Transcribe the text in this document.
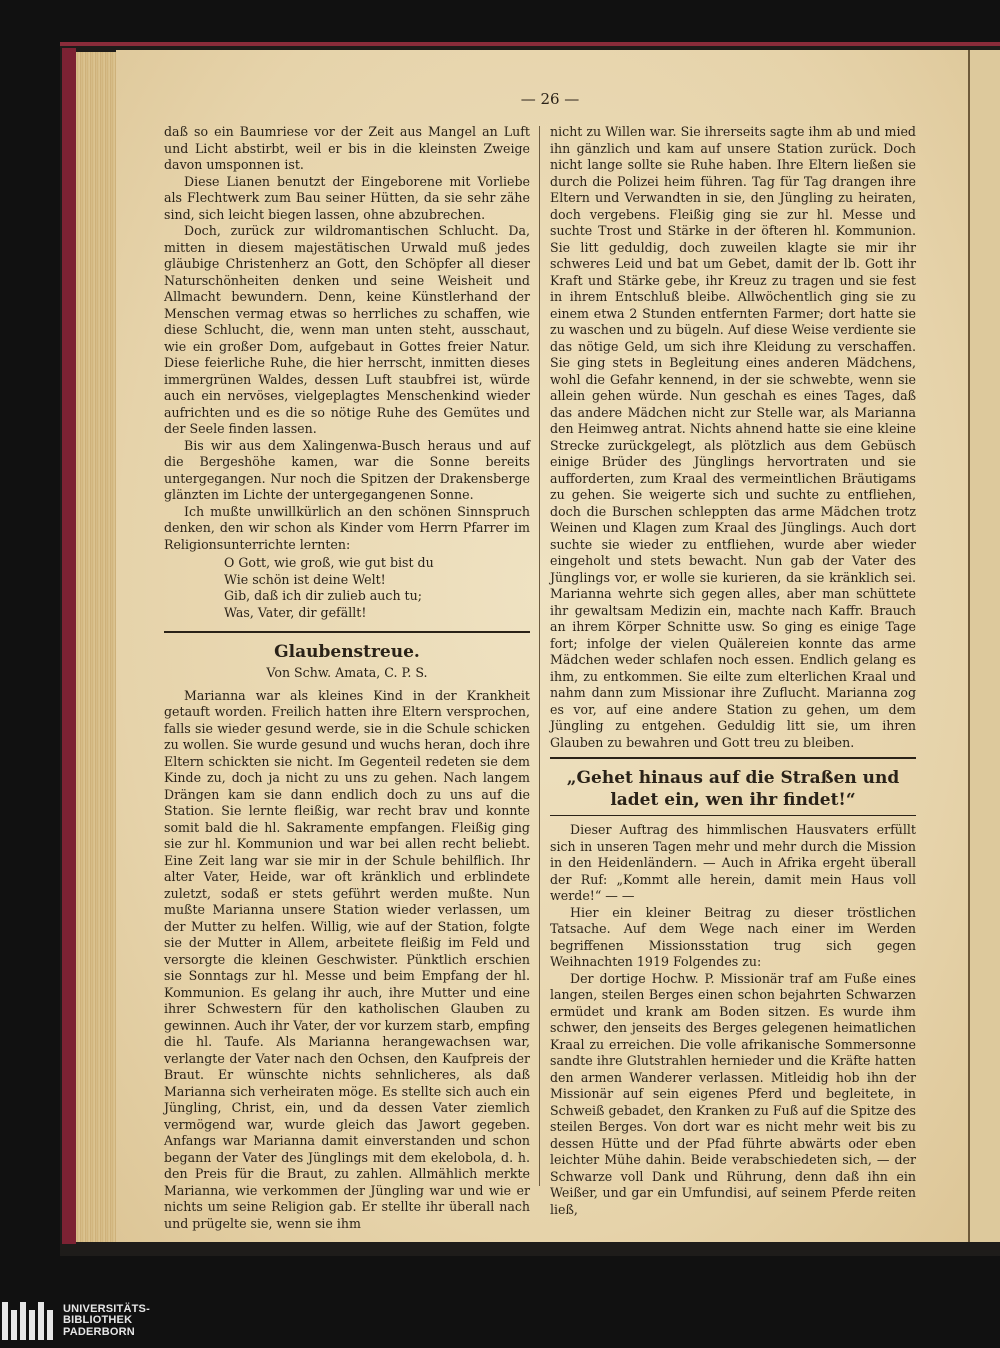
— 26 —

daß so ein Baumriese vor der Zeit aus Mangel an Luft und Licht abstirbt, weil er bis in die kleinsten Zweige davon umsponnen ist.

Diese Lianen benutzt der Eingeborene mit Vorliebe als Flechtwerk zum Bau seiner Hütten, da sie sehr zähe sind, sich leicht biegen lassen, ohne abzubrechen.

Doch, zurück zur wildromantischen Schlucht. Da, mitten in diesem majestätischen Urwald muß jedes gläubige Christenherz an Gott, den Schöpfer all dieser Naturschönheiten denken und seine Weisheit und Allmacht bewundern. Denn, keine Künstlerhand der Menschen vermag etwas so herrliches zu schaffen, wie diese Schlucht, die, wenn man unten steht, ausschaut, wie ein großer Dom, aufgebaut in Gottes freier Natur. Diese feierliche Ruhe, die hier herrscht, inmitten dieses immergrünen Waldes, dessen Luft staubfrei ist, würde auch ein nervöses, vielgeplagtes Menschenkind wieder aufrichten und es die so nötige Ruhe des Gemütes und der Seele finden lassen.

Bis wir aus dem Xalingenwa-Busch heraus und auf die Bergeshöhe kamen, war die Sonne bereits untergegangen. Nur noch die Spitzen der Drakensberge glänzten im Lichte der untergegangenen Sonne.

Ich mußte unwillkürlich an den schönen Sinnspruch denken, den wir schon als Kinder vom Herrn Pfarrer im Religionsunterrichte lernten:

O Gott, wie groß, wie gut bist du
Wie schön ist deine Welt!
Gib, daß ich dir zulieb auch tu;
Was, Vater, dir gefällt!
Glaubenstreue.
Von Schw. Amata, C. P. S.

Marianna war als kleines Kind in der Krankheit getauft worden. Freilich hatten ihre Eltern versprochen, falls sie wieder gesund werde, sie in die Schule schicken zu wollen. Sie wurde gesund und wuchs heran, doch ihre Eltern schickten sie nicht. Im Gegenteil redeten sie dem Kinde zu, doch ja nicht zu uns zu gehen. Nach langem Drängen kam sie dann endlich doch zu uns auf die Station. Sie lernte fleißig, war recht brav und konnte somit bald die hl. Sakramente empfangen. Fleißig ging sie zur hl. Kommunion und war bei allen recht beliebt. Eine Zeit lang war sie mir in der Schule behilflich. Ihr alter Vater, Heide, war oft kränklich und erblindete zuletzt, sodaß er stets geführt werden mußte. Nun mußte Marianna unsere Station wieder verlassen, um der Mutter zu helfen. Willig, wie auf der Station, folgte sie der Mutter in Allem, arbeitete fleißig im Feld und versorgte die kleinen Geschwister. Pünktlich erschien sie Sonntags zur hl. Messe und beim Empfang der hl. Kommunion. Es gelang ihr auch, ihre Mutter und eine ihrer Schwestern für den katholischen Glauben zu gewinnen. Auch ihr Vater, der vor kurzem starb, empfing die hl. Taufe. Als Marianna herangewachsen war, verlangte der Vater nach den Ochsen, den Kaufpreis der Braut. Er wünschte nichts sehnlicheres, als daß Marianna sich verheiraten möge. Es stellte sich auch ein Jüngling, Christ, ein, und da dessen Vater ziemlich vermögend war, wurde gleich das Jawort gegeben. Anfangs war Marianna damit einverstanden und schon begann der Vater des Jünglings mit dem ekelobola, d. h. den Preis für die Braut, zu zahlen. Allmählich merkte Marianna, wie verkommen der Jüngling war und wie er nichts um seine Religion gab. Er stellte ihr überall nach und prügelte sie, wenn sie ihm

nicht zu Willen war. Sie ihrerseits sagte ihm ab und mied ihn gänzlich und kam auf unsere Station zurück. Doch nicht lange sollte sie Ruhe haben. Ihre Eltern ließen sie durch die Polizei heim führen. Tag für Tag drangen ihre Eltern und Verwandten in sie, den Jüngling zu heiraten, doch vergebens. Fleißig ging sie zur hl. Messe und suchte Trost und Stärke in der öfteren hl. Kommunion. Sie litt geduldig, doch zuweilen klagte sie mir ihr schweres Leid und bat um Gebet, damit der lb. Gott ihr Kraft und Stärke gebe, ihr Kreuz zu tragen und sie fest in ihrem Entschluß bleibe. Allwöchentlich ging sie zu einem etwa 2 Stunden entfernten Farmer; dort hatte sie zu waschen und zu bügeln. Auf diese Weise verdiente sie das nötige Geld, um sich ihre Kleidung zu verschaffen. Sie ging stets in Begleitung eines anderen Mädchens, wohl die Gefahr kennend, in der sie schwebte, wenn sie allein gehen würde. Nun geschah es eines Tages, daß das andere Mädchen nicht zur Stelle war, als Marianna den Heimweg antrat. Nichts ahnend hatte sie eine kleine Strecke zurückgelegt, als plötzlich aus dem Gebüsch einige Brüder des Jünglings hervortraten und sie aufforderten, zum Kraal des vermeintlichen Bräutigams zu gehen. Sie weigerte sich und suchte zu entfliehen, doch die Burschen schleppten das arme Mädchen trotz Weinen und Klagen zum Kraal des Jünglings. Auch dort suchte sie wieder zu entfliehen, wurde aber wieder eingeholt und stets bewacht. Nun gab der Vater des Jünglings vor, er wolle sie kurieren, da sie kränklich sei. Marianna wehrte sich gegen alles, aber man schüttete ihr gewaltsam Medizin ein, machte nach Kaffr. Brauch an ihrem Körper Schnitte usw. So ging es einige Tage fort; infolge der vielen Quälereien konnte das arme Mädchen weder schlafen noch essen. Endlich gelang es ihm, zu entkommen. Sie eilte zum elterlichen Kraal und nahm dann zum Missionar ihre Zuflucht. Marianna zog es vor, auf eine andere Station zu gehen, um dem Jüngling zu entgehen. Geduldig litt sie, um ihren Glauben zu bewahren und Gott treu zu bleiben.

„Gehet hinaus auf die Straßen und ladet ein, wen ihr findet!“

Dieser Auftrag des himmlischen Hausvaters erfüllt sich in unseren Tagen mehr und mehr durch die Mission in den Heidenländern. — Auch in Afrika ergeht überall der Ruf: „Kommt alle herein, damit mein Haus voll werde!“ — —

Hier ein kleiner Beitrag zu dieser tröstlichen Tatsache. Auf dem Wege nach einer im Werden begriffenen Missionsstation trug sich gegen Weihnachten 1919 Folgendes zu:

Der dortige Hochw. P. Missionär traf am Fuße eines langen, steilen Berges einen schon bejahrten Schwarzen ermüdet und krank am Boden sitzen. Es wurde ihm schwer, den jenseits des Berges gelegenen heimatlichen Kraal zu erreichen. Die volle afrikanische Sommersonne sandte ihre Glutstrahlen hernieder und die Kräfte hatten den armen Wanderer verlassen. Mitleidig hob ihn der Missionär auf sein eigenes Pferd und begleitete, in Schweiß gebadet, den Kranken zu Fuß auf die Spitze des steilen Berges. Von dort war es nicht mehr weit bis zu dessen Hütte und der Pfad führte abwärts oder eben leichter Mühe dahin. Beide verabschiedeten sich, — der Schwarze voll Dank und Rührung, denn daß ihn ein Weißer, und gar ein Umfundisi, auf seinem Pferde reiten ließ,

UNIVERSITÄTS-
BIBLIOTHEK
PADERBORN
